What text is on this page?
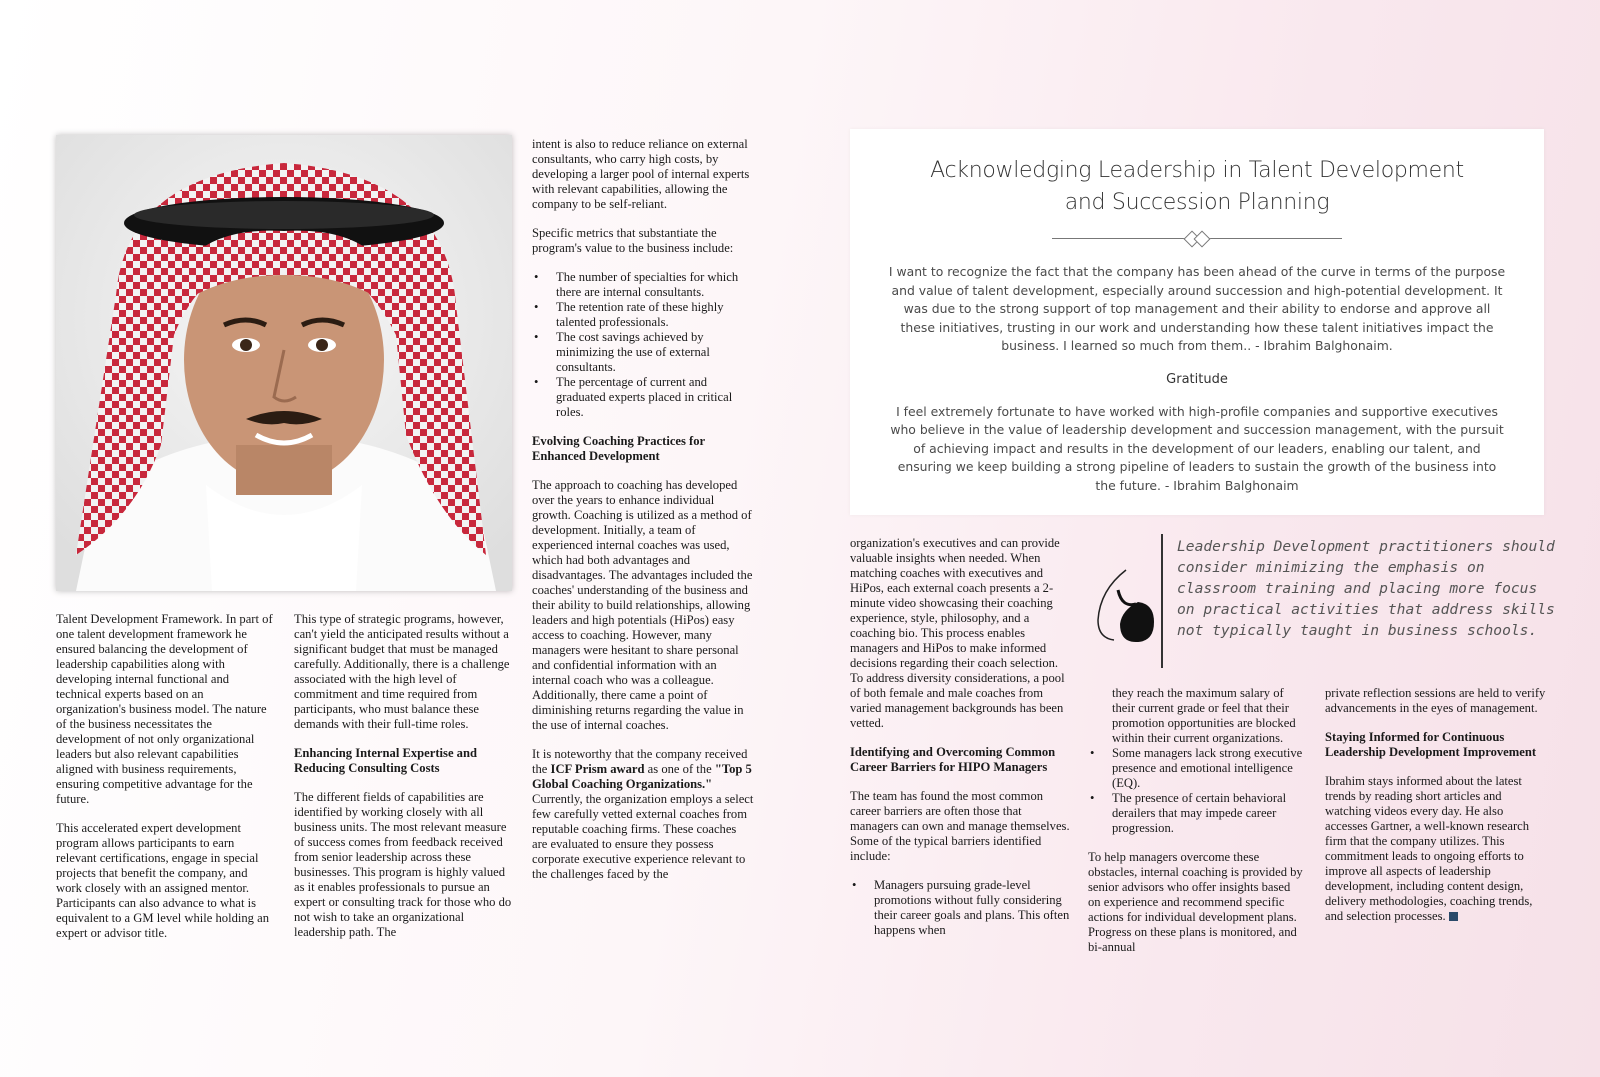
Talent Development Framework. In part of one talent development framework he ensured balancing the development of leadership capabilities along with developing internal functional and technical experts based on an organization's business model. The nature of the business necessitates the development of not only organizational leaders but also relevant capabilities aligned with business requirements, ensuring competitive advantage for the future.

This accelerated expert development program allows participants to earn relevant certifications, engage in special projects that benefit the company, and work closely with an assigned mentor. Participants can also advance to what is equivalent to a GM level while holding an expert or advisor title.

This type of strategic programs, however, can't yield the anticipated results without a significant budget that must be managed carefully. Additionally, there is a challenge associated with the high level of commitment and time required from participants, who must balance these demands with their full-time roles.

Enhancing Internal Expertise and Reducing Consulting Costs

The different fields of capabilities are identified by working closely with all business units. The most relevant measure of success comes from feedback received from senior leadership across these businesses. This program is highly valued as it enables professionals to pursue an expert or consulting track for those who do not wish to take an organizational leadership path. The

intent is also to reduce reliance on external consultants, who carry high costs, by developing a larger pool of internal experts with relevant capabilities, allowing the company to be self-reliant.

Specific metrics that substantiate the program's value to the business include:

• The number of specialties for which there are internal consultants.
• The retention rate of these highly talented professionals.
• The cost savings achieved by minimizing the use of external consultants.
• The percentage of current and graduated experts placed in critical roles.
Evolving Coaching Practices for Enhanced Development

The approach to coaching has developed over the years to enhance individual growth. Coaching is utilized as a method of development. Initially, a team of experienced internal coaches was used, which had both advantages and disadvantages. The advantages included the coaches' understanding of the business and their ability to build relationships, allowing leaders and high potentials (HiPos) easy access to coaching. However, many managers were hesitant to share personal and confidential information with an internal coach who was a colleague. Additionally, there came a point of diminishing returns regarding the value in the use of internal coaches.

It is noteworthy that the company received the ICF Prism award as one of the "Top 5 Global Coaching Organizations." Currently, the organization employs a select few carefully vetted external coaches from reputable coaching firms. These coaches are evaluated to ensure they possess corporate executive experience relevant to the challenges faced by the

Acknowledging Leadership in Talent Development
and Succession Planning

I want to recognize the fact that the company has been ahead of the curve in terms of the purpose and value of talent development, especially around succession and high-potential development. It was due to the strong support of top management and their ability to endorse and approve all these initiatives, trusting in our work and understanding how these talent initiatives impact the business. I learned so much from them.. - Ibrahim Balghonaim.

Gratitude

I feel extremely fortunate to have worked with high-profile companies and supportive executives who believe in the value of leadership development and succession management, with the pursuit of achieving impact and results in the development of our leaders, enabling our talent, and ensuring we keep building a strong pipeline of leaders to sustain the growth of the business into the future. - Ibrahim Balghonaim

Leadership Development practitioners should consider minimizing the emphasis on classroom training and placing more focus on practical activities that address skills not typically taught in business schools.

organization's executives and can provide valuable insights when needed. When matching coaches with executives and HiPos, each external coach presents a 2-minute video showcasing their coaching experience, style, philosophy, and a coaching bio. This process enables managers and HiPos to make informed decisions regarding their coach selection. To address diversity considerations, a pool of both female and male coaches from varied management backgrounds has been vetted.

Identifying and Overcoming Common Career Barriers for HIPO Managers

The team has found the most common career barriers are often those that managers can own and manage themselves. Some of the typical barriers identified include:

• Managers pursuing grade-level promotions without fully considering their career goals and plans. This often happens when
they reach the maximum salary of their current grade or feel that their promotion opportunities are blocked within their current organizations.
• Some managers lack strong executive presence and emotional intelligence (EQ).
• The presence of certain behavioral derailers that may impede career progression.

To help managers overcome these obstacles, internal coaching is provided by senior advisors who offer insights based on experience and recommend specific actions for individual development plans. Progress on these plans is monitored, and bi-annual

private reflection sessions are held to verify advancements in the eyes of management.

Staying Informed for Continuous Leadership Development Improvement

Ibrahim stays informed about the latest trends by reading short articles and watching videos every day. He also accesses Gartner, a well-known research firm that the company utilizes. This commitment leads to ongoing efforts to improve all aspects of leadership development, including content design, delivery methodologies, coaching trends, and selection processes.
